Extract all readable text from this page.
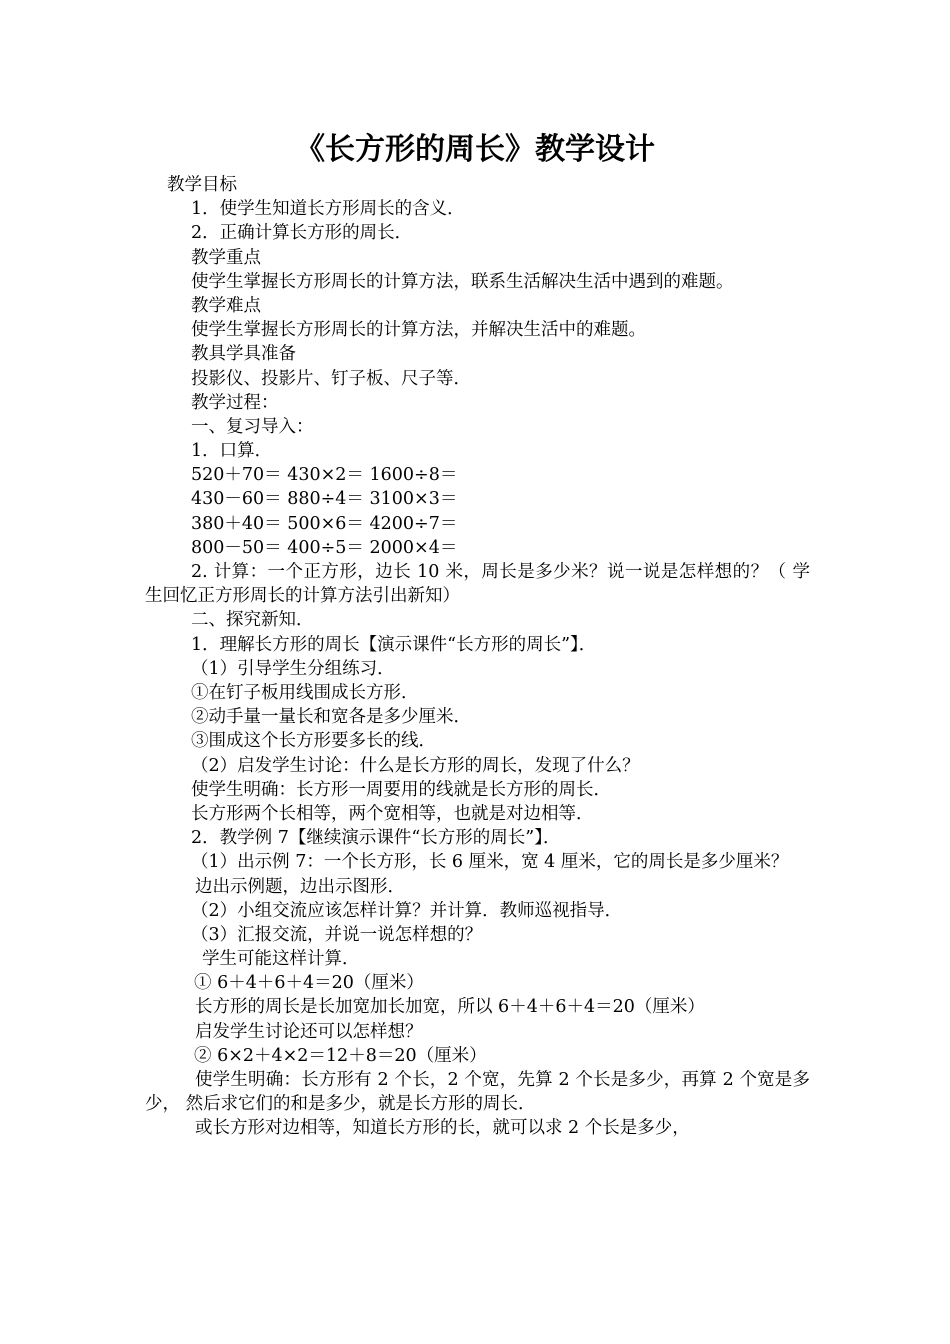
《长方形的周长》教学设计
教学目标
1．使学生知道长方形周长的含义．
2．正确计算长方形的周长．
教学重点
使学生掌握长方形周长的计算方法，联系生活解决生活中遇到的难题。
教学难点
使学生掌握长方形周长的计算方法，并解决生活中的难题。
教具学具准备
投影仪、投影片、钉子板、尺子等．
教学过程：
一、复习导入：
1．口算．
520＋70＝ 430×2＝ 1600÷8＝
430－60＝ 880÷4＝ 3100×3＝
380＋40＝ 500×6＝ 4200÷7＝
800－50＝ 400÷5＝ 2000×4＝
2. 计算：一个正方形，边长 10 米，周长是多少米？说一说是怎样想的？（ 学生回忆正方形周长的计算方法引出新知）
二、探究新知．
1．理解长方形的周长【演示课件“长方形的周长”】．
（1）引导学生分组练习．
①在钉子板用线围成长方形．
②动手量一量长和宽各是多少厘米．
③围成这个长方形要多长的线．
（2）启发学生讨论：什么是长方形的周长，发现了什么？
使学生明确：长方形一周要用的线就是长方形的周长．
长方形两个长相等，两个宽相等，也就是对边相等．
2．教学例 7【继续演示课件“长方形的周长”】．
（1）出示例 7：一个长方形，长 6 厘米，宽 4 厘米，它的周长是多少厘米？
边出示例题，边出示图形．
（2）小组交流应该怎样计算？并计算．教师巡视指导．
（3）汇报交流，并说一说怎样想的？
学生可能这样计算．
① 6＋4＋6＋4＝20（厘米）
长方形的周长是长加宽加长加宽，所以 6＋4＋6＋4＝20（厘米）
启发学生讨论还可以怎样想？
② 6×2＋4×2＝12＋8＝20（厘米）
使学生明确：长方形有 2 个长，2 个宽，先算 2 个长是多少，再算 2 个宽是多少， 然后求它们的和是多少，就是长方形的周长．
或长方形对边相等，知道长方形的长，就可以求 2 个长是多少，
